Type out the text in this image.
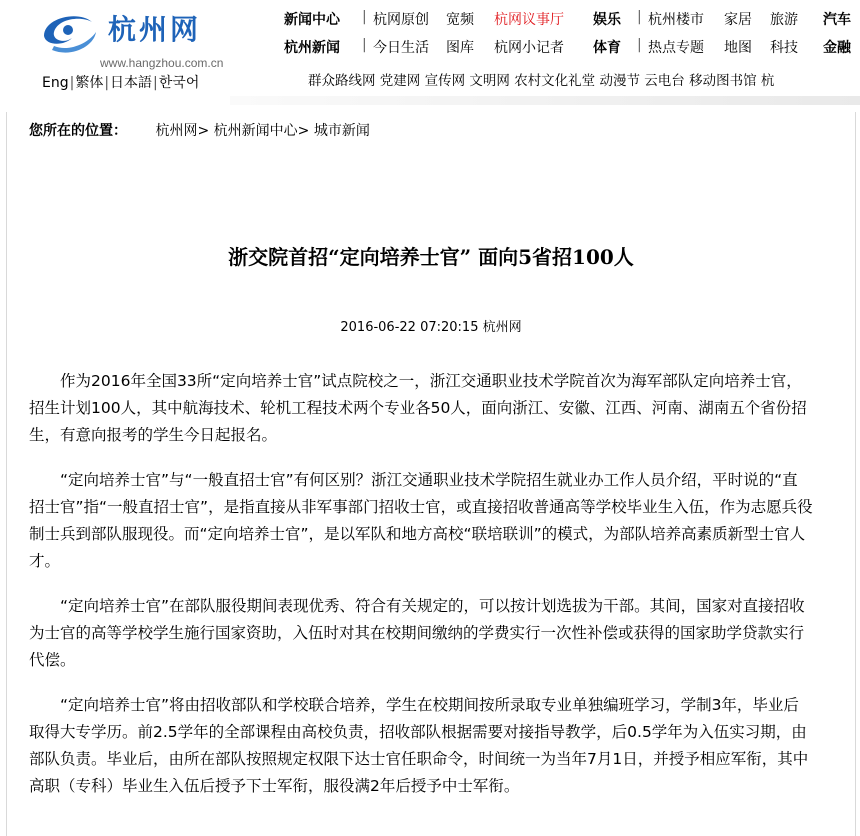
杭州网
www.hangzhou.com.cn
Eng|繁体|日本語|한국어
新闻中心 | 杭网原创 宽频 杭网议事厅 娱乐 | 杭州楼市 家居 旅游 汽车
杭州新闻 | 今日生活 图库 杭网小记者 体育 | 热点专题 地图 科技 金融
群众路线网 党建网 宣传网 文明网 农村文化礼堂 动漫节 云电台 移动图书馆 杭
您所在的位置： 杭州网> 杭州新闻中心> 城市新闻
浙交院首招“定向培养士官” 面向5省招100人
2016-06-22 07:20:15 杭州网

作为2016年全国33所“定向培养士官”试点院校之一，浙江交通职业技术学院首次为海军部队定向培养士官，招生计划100人，其中航海技术、轮机工程技术两个专业各50人，面向浙江、安徽、江西、河南、湖南五个省份招生，有意向报考的学生今日起报名。

“定向培养士官”与“一般直招士官”有何区别？浙江交通职业技术学院招生就业办工作人员介绍，平时说的“直招士官”指“一般直招士官”，是指直接从非军事部门招收士官，或直接招收普通高等学校毕业生入伍，作为志愿兵役制士兵到部队服现役。而“定向培养士官”，是以军队和地方高校“联培联训”的模式，为部队培养高素质新型士官人才。

“定向培养士官”在部队服役期间表现优秀、符合有关规定的，可以按计划选拔为干部。其间，国家对直接招收为士官的高等学校学生施行国家资助，入伍时对其在校期间缴纳的学费实行一次性补偿或获得的国家助学贷款实行代偿。

“定向培养士官”将由招收部队和学校联合培养，学生在校期间按所录取专业单独编班学习，学制3年，毕业后取得大专学历。前2.5学年的全部课程由高校负责，招收部队根据需要对接指导教学，后0.5学年为入伍实习期，由部队负责。毕业后，由所在部队按照规定权限下达士官任职命令，时间统一为当年7月1日，并授予相应军衔，其中高职（专科）毕业生入伍后授予下士军衔，服役满2年后授予中士军衔。
